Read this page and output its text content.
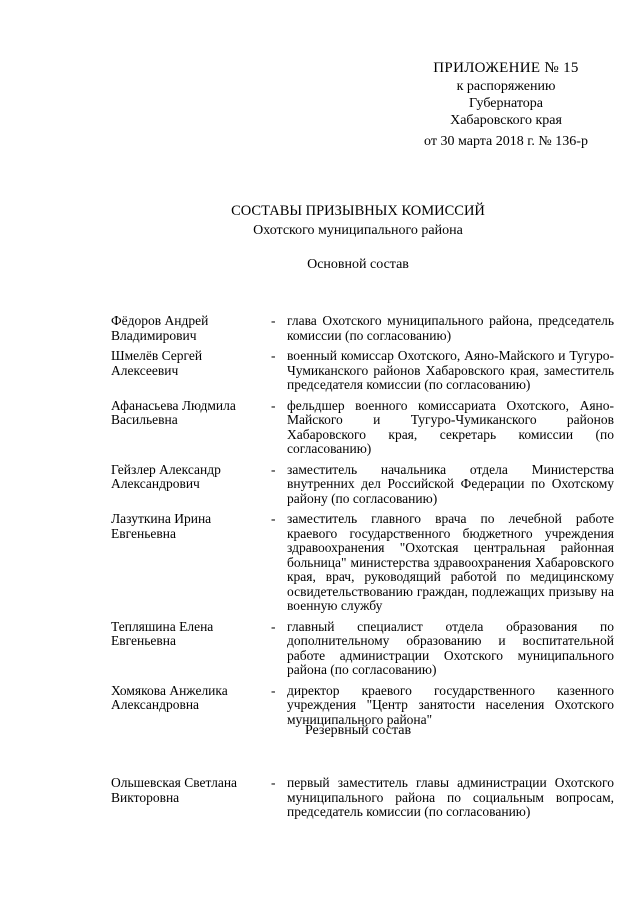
ПРИЛОЖЕНИЕ № 15
к распоряжению
Губернатора
Хабаровского края
от 30 марта 2018 г. № 136-р
СОСТАВЫ ПРИЗЫВНЫХ КОМИССИЙ
Охотского муниципального района
Основной состав
Фёдоров Андрей
Владимирович
- глава Охотского муниципального района, председатель комиссии (по согласованию)
Шмелёв Сергей
Алексеевич
- военный комиссар Охотского, Аяно-Майского и Тугуро-Чумиканского районов Хабаровского края, заместитель председателя комиссии (по согласованию)
Афанасьева Людмила
Васильевна
- фельдшер военного комиссариата Охотского, Аяно-Майского и Тугуро-Чумиканского районов Хабаровского края, секретарь комиссии (по согласованию)
Гейзлер Александр
Александрович
- заместитель начальника отдела Министерства внутренних дел Российской Федерации по Охотскому району (по согласованию)
Лазуткина Ирина
Евгеньевна
- заместитель главного врача по лечебной работе краевого государственного бюджетного учреждения здравоохранения "Охотская центральная районная больница" министерства здравоохранения Хабаровского края, врач, руководящий работой по медицинскому освидетельствованию граждан, подлежащих призыву на военную службу
Тепляшина Елена
Евгеньевна
- главный специалист отдела образования по дополнительному образованию и воспитательной работе администрации Охотского муниципального района (по согласованию)
Хомякова Анжелика
Александровна
- директор краевого государственного казенного учреждения "Центр занятости населения Охотского муниципального района"
Резервный состав
Ольшевская Светлана
Викторовна
- первый заместитель главы администрации Охотского муниципального района по социальным вопросам, председатель комиссии (по согласованию)
